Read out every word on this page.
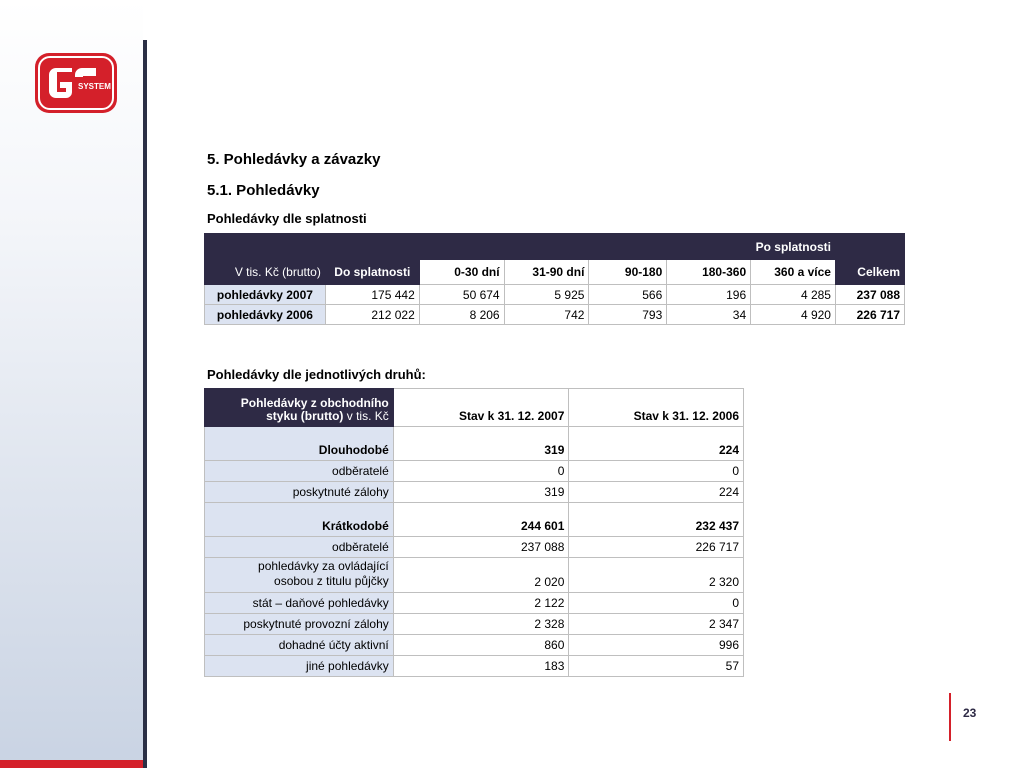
SYSTEM
5. Pohledávky a závazky
5.1. Pohledávky
Pohledávky dle splatnosti
V tis. Kč (brutto)	Do splatnosti	Po splatnosti					Celkem
		0-30 dní	31-90 dní	90-180	180-360	360 a více	
pohledávky 2007	175 442	50 674	5 925	566	196	4 285	237 088
pohledávky 2006	212 022	8 206	742	793	34	4 920	226 717
Pohledávky dle jednotlivých druhů:
Pohledávky z obchodního styku (brutto) v tis. Kč	Stav k 31. 12. 2007	Stav k 31. 12. 2006
Dlouhodobé	319	224
odběratelé	0	0
poskytnuté zálohy	319	224
Krátkodobé	244 601	232 437
odběratelé	237 088	226 717
pohledávky za ovládající osobou z titulu půjčky	2 020	2 320
stát – daňové pohledávky	2 122	0
poskytnuté provozní zálohy	2 328	2 347
dohadné účty aktivní	860	996
jiné pohledávky	183	57
23
